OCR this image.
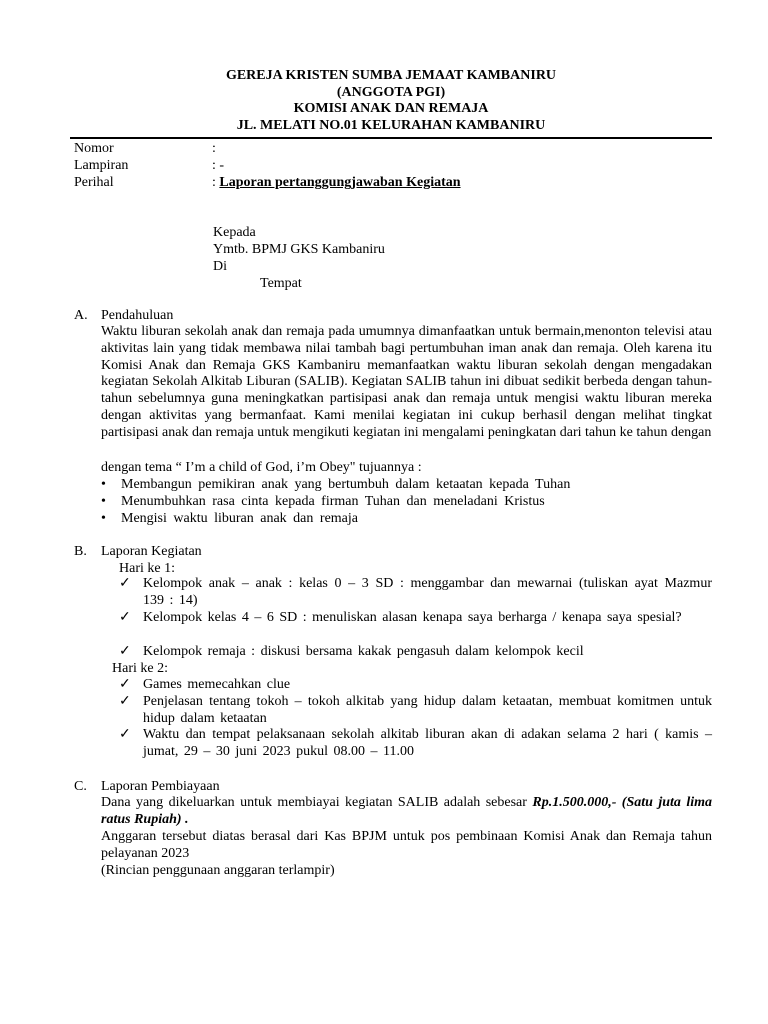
GEREJA KRISTEN SUMBA JEMAAT KAMBANIRU
(ANGGOTA PGI)
KOMISI ANAK DAN REMAJA
JL. MELATI NO.01 KELURAHAN KAMBANIRU
Nomor	:
Lampiran	: -
Perihal	: Laporan pertanggungjawaban Kegiatan
Kepada
Ymtb. BPMJ GKS Kambaniru
Di
Tempat
A. Pendahuluan
Waktu liburan sekolah anak dan remaja pada umumnya dimanfaatkan untuk bermain,menonton televisi atau aktivitas lain yang tidak membawa nilai tambah bagi pertumbuhan iman anak dan remaja. Oleh karena itu Komisi Anak dan Remaja GKS Kambaniru memanfaatkan waktu liburan sekolah dengan mengadakan kegiatan Sekolah Alkitab Liburan (SALIB). Kegiatan SALIB tahun ini dibuat sedikit berbeda dengan tahun-tahun sebelumnya guna meningkatkan partisipasi anak dan remaja untuk mengisi waktu liburan mereka dengan aktivitas yang bermanfaat. Kami menilai kegiatan ini cukup berhasil dengan melihat tingkat partisipasi anak dan remaja untuk mengikuti kegiatan ini mengalami peningkatan dari tahun ke tahun dengan
dengan tema “ I’m a child of God, i’m Obey" tujuannya :
• Membangun pemikiran anak yang bertumbuh dalam ketaatan kepada Tuhan
• Menumbuhkan rasa cinta kepada firman Tuhan dan meneladani Kristus
• Mengisi waktu liburan anak dan remaja
B. Laporan Kegiatan
Hari ke 1:
✓ Kelompok anak – anak : kelas 0 – 3 SD : menggambar dan mewarnai (tuliskan ayat Mazmur 139 : 14)
✓ Kelompok kelas 4 – 6 SD : menuliskan alasan kenapa saya berharga / kenapa saya spesial?
✓ Kelompok remaja : diskusi bersama kakak pengasuh dalam kelompok kecil
Hari ke 2:
✓ Games memecahkan clue
✓ Penjelasan tentang tokoh – tokoh alkitab yang hidup dalam ketaatan, membuat komitmen untuk hidup dalam ketaatan
✓ Waktu dan tempat pelaksanaan sekolah alkitab liburan akan di adakan selama 2 hari ( kamis – jumat, 29 – 30 juni 2023 pukul 08.00 – 11.00
C. Laporan Pembiayaan
Dana yang dikeluarkan untuk membiayai kegiatan SALIB adalah sebesar Rp.1.500.000,- (Satu juta lima ratus Rupiah) .
Anggaran tersebut diatas berasal dari Kas BPJM untuk pos pembinaan Komisi Anak dan Remaja tahun pelayanan 2023
(Rincian penggunaan anggaran terlampir)
